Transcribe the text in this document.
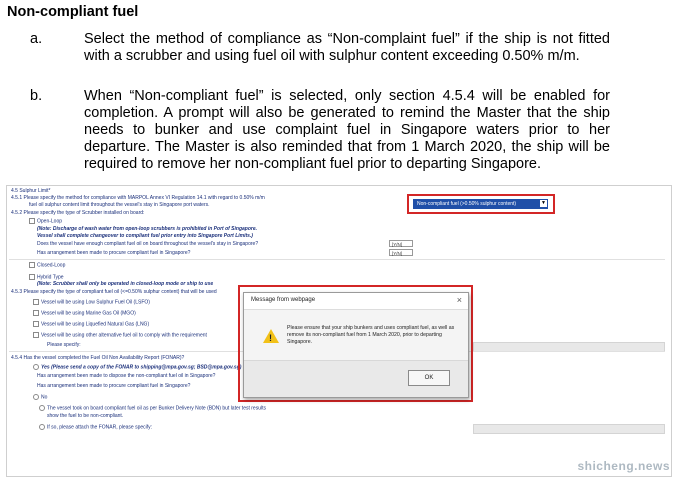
Non-compliant fuel
a.	Select the method of compliance as “Non-complaint fuel” if the ship is not fitted with a scrubber and using fuel oil with sulphur content exceeding 0.50% m/m.
b.	When “Non-compliant fuel” is selected, only section 4.5.4 will be enabled for completion. A prompt will also be generated to remind the Master that the ship needs to bunker and use complaint fuel in Singapore waters prior to her departure. The Master is also reminded that from 1 March 2020, the ship will be required to remove her non-compliant fuel prior to departing Singapore.
4.5 Sulphur Limit*
4.5.1 Please specify the method for compliance with MARPOL Annex VI Regulation 14.1 with regard to 0.50% m/m
fuel oil sulphur content limit throughout the vessel's stay in Singapore port waters.	Non-compliant fuel (>0.50% sulphur content)	▼
4.5.2 Please specify the type of Scrubber installed on board:
Open-Loop
(Note: Discharge of wash water from open-loop scrubbers is prohibited in Port of Singapore.
Vessel shall complete changeover to compliant fuel prior entry into Singapore Port Limits.)
Does the vessel have enough compliant fuel oil on board throughout the vessel's stay in Singapore?	[Y/N]
Has arrangement been made to procure compliant fuel in Singapore?	[Y/N]
Closed-Loop
Hybrid Type
(Note: Scrubber shall only be operated in closed-loop mode or ship to use
4.5.3 Please specify the type of compliant fuel oil (<=0.50% sulphur content) that will be used
Vessel will be using Low Sulphur Fuel Oil (LSFO)
Vessel will be using Marine Gas Oil (MGO)
Vessel will be using Liquefied Natural Gas (LNG)
Vessel will be using other alternative fuel oil to comply with the requirement
Please specify:
4.5.4 Has the vessel completed the Fuel Oil Non Availability Report (FONAR)?
Yes (Please send a copy of the FONAR to shipping@mpa.gov.sg; BSD@mpa.gov.sg)
Has arrangement been made to dispose the non-compliant fuel oil in Singapore?
Has arrangement been made to procure compliant fuel in Singapore?
No
The vessel took on board compliant fuel oil as per Bunker Delivery Note (BDN) but later test results
show the fuel to be non-compliant.
If so, please attach the FONAR, please specify:
Message from webpage	×
!
Please ensure that your ship bunkers and uses compliant fuel, as well as remove its non-compliant fuel from 1 March 2020, prior to departing Singapore.
OK
shicheng.news
